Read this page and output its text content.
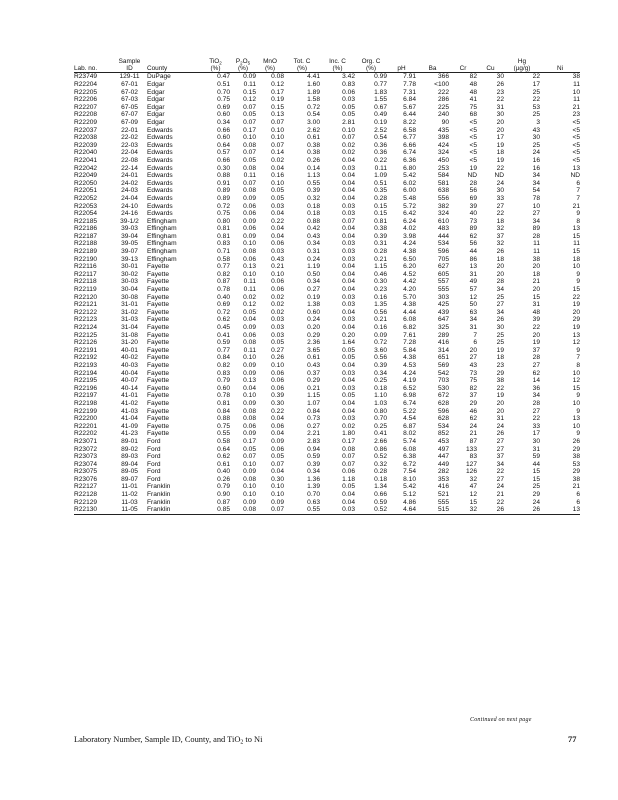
	Sample		TiO$_2$	$P_2O_5$	MnO	Tot. C	Inc. C	Org. C					Hg	
Lab. no.	ID	County	(%)	(%)	(%)	(%)	(%)	(%)	pH	Ba	Cr	Cu	(µg/g)	Ni
R23749	129-11	DuPage	0.47	0.09	0.08	4.41	3.42	0.99	7.91	366	82	30	22	38
R22204	67-01	Edgar	0.51	0.11	0.12	1.60	0.83	0.77	7.78	<100	48	26	17	11
R22205	67-02	Edgar	0.70	0.15	0.17	1.89	0.06	1.83	7.31	222	48	23	25	10
R22206	67-03	Edgar	0.75	0.12	0.19	1.58	0.03	1.55	6.84	286	41	22	22	11
R22207	67-05	Edgar	0.69	0.07	0.15	0.72	0.05	0.67	5.67	225	75	31	53	21
R22208	67-07	Edgar	0.60	0.05	0.13	0.54	0.05	0.49	6.44	240	68	30	25	23
R22209	67-09	Edgar	0.34	0.07	0.07	3.00	2.81	0.19	8.22	90	<5	20	3	<5
R22037	22-01	Edwards	0.66	0.17	0.10	2.62	0.10	2.52	6.58	435	<5	20	43	<5
R22038	22-02	Edwards	0.60	0.10	0.10	0.61	0.07	0.54	6.77	398	<5	17	30	<5
R22039	22-03	Edwards	0.64	0.08	0.07	0.38	0.02	0.36	6.66	424	<5	19	25	<5
R22040	22-04	Edwards	0.57	0.07	0.14	0.38	0.02	0.36	6.74	324	<5	18	24	<5
R22041	22-08	Edwards	0.66	0.05	0.02	0.26	0.04	0.22	6.36	450	<5	19	16	<5
R22042	22-14	Edwards	0.30	0.08	0.04	0.14	0.03	0.11	6.80	253	19	22	16	13
R22049	24-01	Edwards	0.88	0.11	0.16	1.13	0.04	1.09	5.42	584	ND	ND	34	ND
R22050	24-02	Edwards	0.91	0.07	0.10	0.55	0.04	0.51	6.02	581	28	24	34	6
R22051	24-03	Edwards	0.89	0.08	0.05	0.39	0.04	0.35	6.00	638	56	30	54	7
R22052	24-04	Edwards	0.89	0.09	0.05	0.32	0.04	0.28	5.48	556	69	33	78	7
R22053	24-10	Edwards	0.72	0.06	0.03	0.18	0.03	0.15	5.72	382	39	27	10	21
R22054	24-16	Edwards	0.75	0.06	0.04	0.18	0.03	0.15	6.42	324	40	22	27	9
R22185	39-1/2	Effingham	0.80	0.09	0.22	0.88	0.07	0.81	6.24	610	73	18	34	8
R22186	39-03	Effingham	0.81	0.06	0.04	0.42	0.04	0.38	4.02	483	89	32	89	13
R22187	39-04	Effingham	0.81	0.09	0.04	0.43	0.04	0.39	3.98	444	62	37	28	15
R22188	39-05	Effingham	0.83	0.10	0.06	0.34	0.03	0.31	4.24	534	56	32	11	11
R22189	39-07	Effingham	0.71	0.08	0.03	0.31	0.03	0.28	4.38	596	44	26	11	15
R22190	39-13	Effingham	0.58	0.06	0.43	0.24	0.03	0.21	6.50	705	86	18	38	18
R22116	30-01	Fayette	0.77	0.13	0.21	1.19	0.04	1.15	6.20	627	13	20	20	10
R22117	30-02	Fayette	0.82	0.10	0.10	0.50	0.04	0.46	4.52	605	31	20	18	9
R22118	30-03	Fayette	0.87	0.11	0.06	0.34	0.04	0.30	4.42	557	49	28	21	9
R22119	30-04	Fayette	0.78	0.11	0.06	0.27	0.04	0.23	4.20	555	57	34	20	15
R22120	30-08	Fayette	0.40	0.02	0.02	0.19	0.03	0.16	5.70	303	12	25	15	22
R22121	31-01	Fayette	0.69	0.12	0.02	1.38	0.03	1.35	4.38	425	50	27	31	19
R22122	31-02	Fayette	0.72	0.05	0.02	0.60	0.04	0.56	4.44	439	63	34	48	20
R22123	31-03	Fayette	0.62	0.04	0.03	0.24	0.03	0.21	6.08	647	34	26	39	29
R22124	31-04	Fayette	0.45	0.09	0.03	0.20	0.04	0.16	6.82	325	31	30	22	19
R22125	31-08	Fayette	0.41	0.06	0.03	0.29	0.20	0.09	7.61	289	7	25	20	13
R22126	31-20	Fayette	0.59	0.08	0.05	2.36	1.64	0.72	7.28	416	6	25	19	12
R22191	40-01	Fayette	0.77	0.11	0.27	3.65	0.05	3.60	5.84	314	20	19	37	9
R22192	40-02	Fayette	0.84	0.10	0.26	0.61	0.05	0.56	4.38	651	27	18	28	7
R22193	40-03	Fayette	0.82	0.09	0.10	0.43	0.04	0.39	4.53	569	43	23	27	8
R22194	40-04	Fayette	0.83	0.09	0.06	0.37	0.03	0.34	4.24	542	73	29	62	10
R22195	40-07	Fayette	0.79	0.13	0.06	0.29	0.04	0.25	4.19	703	75	38	14	12
R22196	40-14	Fayette	0.60	0.04	0.06	0.21	0.03	0.18	6.52	530	82	22	36	15
R22197	41-01	Fayette	0.78	0.10	0.39	1.15	0.05	1.10	6.98	672	37	19	34	9
R22198	41-02	Fayette	0.81	0.09	0.30	1.07	0.04	1.03	6.74	628	29	20	28	10
R22199	41-03	Fayette	0.84	0.08	0.22	0.84	0.04	0.80	5.22	596	46	20	27	9
R22200	41-04	Fayette	0.88	0.08	0.04	0.73	0.03	0.70	4.54	628	62	31	22	13
R22201	41-09	Fayette	0.75	0.06	0.06	0.27	0.02	0.25	6.87	534	24	24	33	10
R22202	41-23	Fayette	0.55	0.09	0.04	2.21	1.80	0.41	8.02	852	21	26	17	9
R23071	89-01	Ford	0.58	0.17	0.09	2.83	0.17	2.66	5.74	453	87	27	30	26
R23072	89-02	Ford	0.64	0.05	0.06	0.94	0.08	0.86	6.08	497	133	27	31	29
R23073	89-03	Ford	0.62	0.07	0.05	0.59	0.07	0.52	6.38	447	83	37	59	38
R23074	89-04	Ford	0.61	0.10	0.07	0.39	0.07	0.32	6.72	449	127	34	44	53
R23075	89-05	Ford	0.40	0.09	0.04	0.34	0.06	0.28	7.54	282	126	22	15	29
R23076	89-07	Ford	0.26	0.08	0.30	1.36	1.18	0.18	8.10	353	32	27	15	38
R22127	11-01	Franklin	0.79	0.10	0.10	1.39	0.05	1.34	5.42	416	47	24	25	21
R22128	11-02	Franklin	0.90	0.10	0.10	0.70	0.04	0.66	5.12	521	12	21	29	6
R22129	11-03	Franklin	0.87	0.09	0.09	0.63	0.04	0.59	4.86	555	15	22	24	6
R22130	11-05	Franklin	0.85	0.08	0.07	0.55	0.03	0.52	4.64	515	32	26	26	13
Continued on next page
Laboratory Number, Sample ID, County, and TiO$_2$ to Ni	77
